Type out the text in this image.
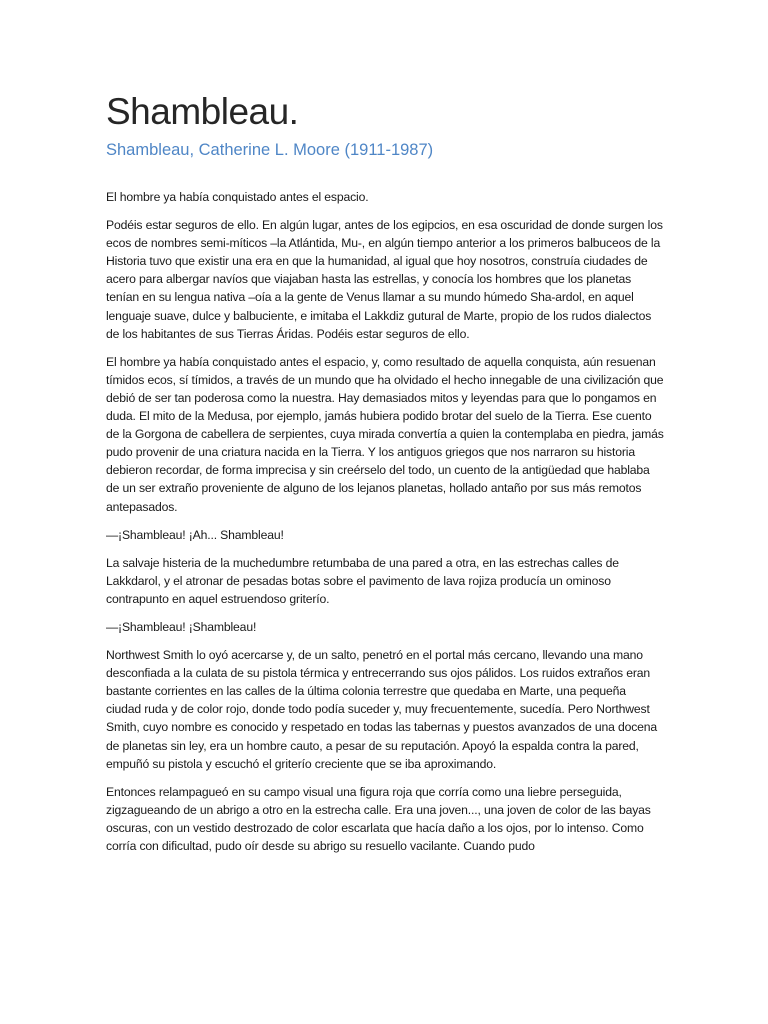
Shambleau.

Shambleau, Catherine L. Moore (1911-1987)

El hombre ya había conquistado antes el espacio.

Podéis estar seguros de ello. En algún lugar, antes de los egipcios, en esa oscuridad de donde surgen los ecos de nombres semi-míticos –la Atlántida, Mu-, en algún tiempo anterior a los primeros balbuceos de la Historia tuvo que existir una era en que la humanidad, al igual que hoy nosotros, construía ciudades de acero para albergar navíos que viajaban hasta las estrellas, y conocía los hombres que los planetas tenían en su lengua nativa –oía a la gente de Venus llamar a su mundo húmedo Sha-ardol, en aquel lenguaje suave, dulce y balbuciente, e imitaba el Lakkdiz gutural de Marte, propio de los rudos dialectos de los habitantes de sus Tierras Áridas. Podéis estar seguros de ello.

El hombre ya había conquistado antes el espacio, y, como resultado de aquella conquista, aún resuenan tímidos ecos, sí tímidos, a través de un mundo que ha olvidado el hecho innegable de una civilización que debió de ser tan poderosa como la nuestra. Hay demasiados mitos y leyendas para que lo pongamos en duda. El mito de la Medusa, por ejemplo, jamás hubiera podido brotar del suelo de la Tierra. Ese cuento de la Gorgona de cabellera de serpientes, cuya mirada convertía a quien la contemplaba en piedra, jamás pudo provenir de una criatura nacida en la Tierra. Y los antiguos griegos que nos narraron su historia debieron recordar, de forma imprecisa y sin creérselo del todo, un cuento de la antigüedad que hablaba de un ser extraño proveniente de alguno de los lejanos planetas, hollado antaño por sus más remotos antepasados.

—¡Shambleau! ¡Ah... Shambleau!

La salvaje histeria de la muchedumbre retumbaba de una pared a otra, en las estrechas calles de Lakkdarol, y el atronar de pesadas botas sobre el pavimento de lava rojiza producía un ominoso contrapunto en aquel estruendoso griterío.

—¡Shambleau! ¡Shambleau!

Northwest Smith lo oyó acercarse y, de un salto, penetró en el portal más cercano, llevando una mano desconfiada a la culata de su pistola térmica y entrecerrando sus ojos pálidos. Los ruidos extraños eran bastante corrientes en las calles de la última colonia terrestre que quedaba en Marte, una pequeña ciudad ruda y de color rojo, donde todo podía suceder y, muy frecuentemente, sucedía. Pero Northwest Smith, cuyo nombre es conocido y respetado en todas las tabernas y puestos avanzados de una docena de planetas sin ley, era un hombre cauto, a pesar de su reputación. Apoyó la espalda contra la pared, empuñó su pistola y escuchó el griterío creciente que se iba aproximando.

Entonces relampagueó en su campo visual una figura roja que corría como una liebre perseguida, zigzagueando de un abrigo a otro en la estrecha calle. Era una joven..., una joven de color de las bayas oscuras, con un vestido destrozado de color escarlata que hacía daño a los ojos, por lo intenso. Como corría con dificultad, pudo oír desde su abrigo su resuello vacilante. Cuando pudo
